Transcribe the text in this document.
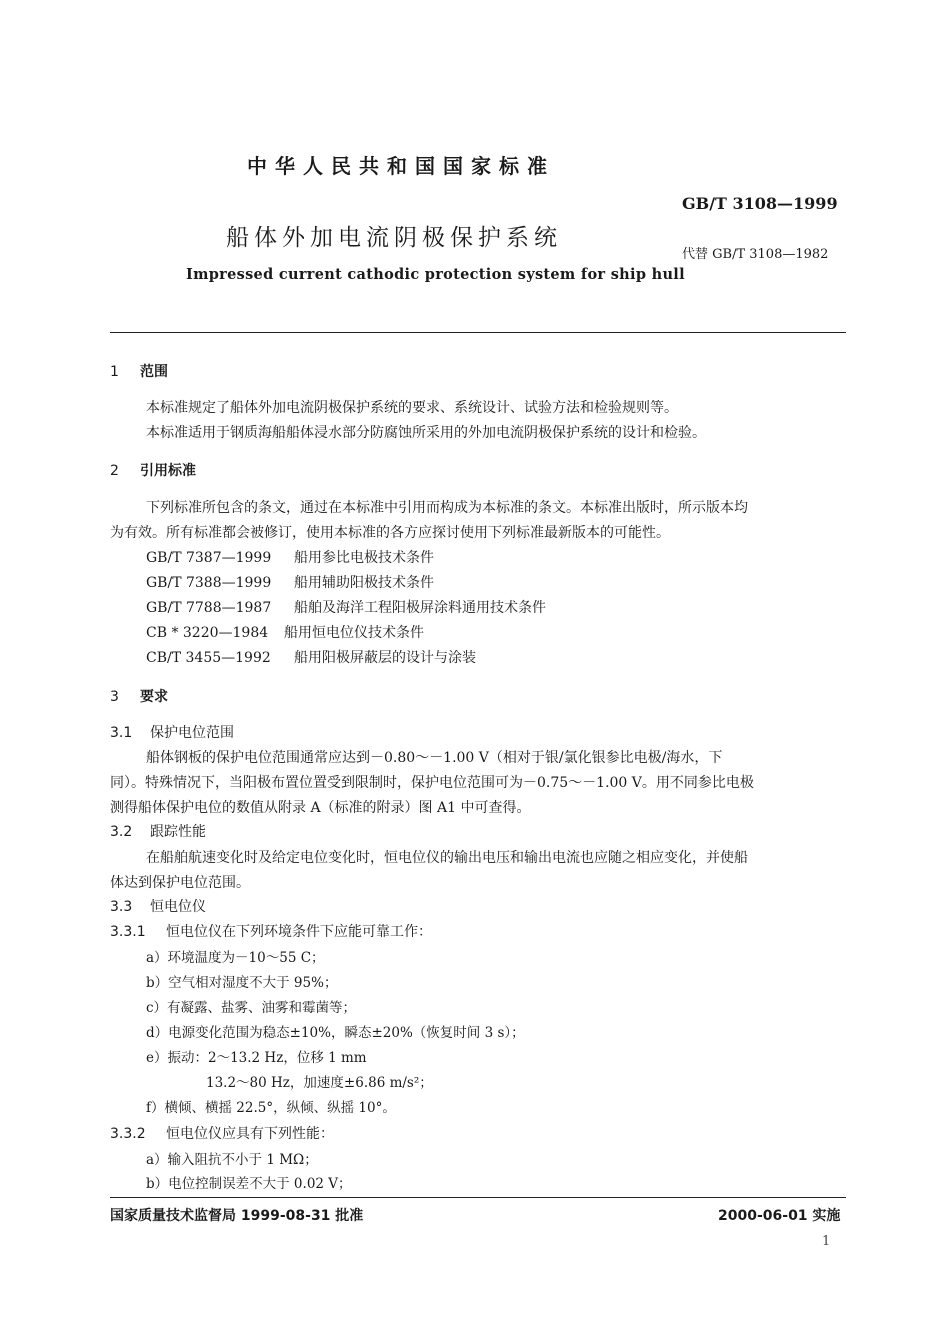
中华人民共和国国家标准
GB/T 3108—1999
船体外加电流阴极保护系统
代替 GB/T 3108—1982
Impressed current cathodic protection system for ship hull
1 范围
本标准规定了船体外加电流阴极保护系统的要求、系统设计、试验方法和检验规则等。
本标准适用于钢质海船船体浸水部分防腐蚀所采用的外加电流阴极保护系统的设计和检验。
2 引用标准
下列标准所包含的条文，通过在本标准中引用而构成为本标准的条文。本标准出版时，所示版本均
为有效。所有标准都会被修订，使用本标准的各方应探讨使用下列标准最新版本的可能性。
GB/T 7387—1999 船用参比电极技术条件
GB/T 7388—1999 船用辅助阳极技术条件
GB/T 7788—1987 船舶及海洋工程阳极屏涂料通用技术条件
CB * 3220—1984 船用恒电位仪技术条件
CB/T 3455—1992 船用阳极屏蔽层的设计与涂装
3 要求
3.1 保护电位范围
船体钢板的保护电位范围通常应达到－0.80～－1.00 V（相对于银/氯化银参比电极/海水，下
同）。特殊情况下，当阳极布置位置受到限制时，保护电位范围可为－0.75～－1.00 V。用不同参比电极
测得船体保护电位的数值从附录 A（标准的附录）图 A1 中可查得。
3.2 跟踪性能
在船舶航速变化时及给定电位变化时，恒电位仪的输出电压和输出电流也应随之相应变化，并使船
体达到保护电位范围。
3.3 恒电位仪
3.3.1 恒电位仪在下列环境条件下应能可靠工作：
a）环境温度为－10～55 C；
b）空气相对湿度不大于 95%；
c）有凝露、盐雾、油雾和霉菌等；
d）电源变化范围为稳态±10%，瞬态±20%（恢复时间 3 s）；
e）振动：2～13.2 Hz，位移 1 mm
13.2～80 Hz，加速度±6.86 m/s²；
f）横倾、横摇 22.5°，纵倾、纵摇 10°。
3.3.2 恒电位仪应具有下列性能：
a）输入阻抗不小于 1 MΩ；
b）电位控制误差不大于 0.02 V；
国家质量技术监督局 1999-08-31 批准	2000-06-01 实施
1
